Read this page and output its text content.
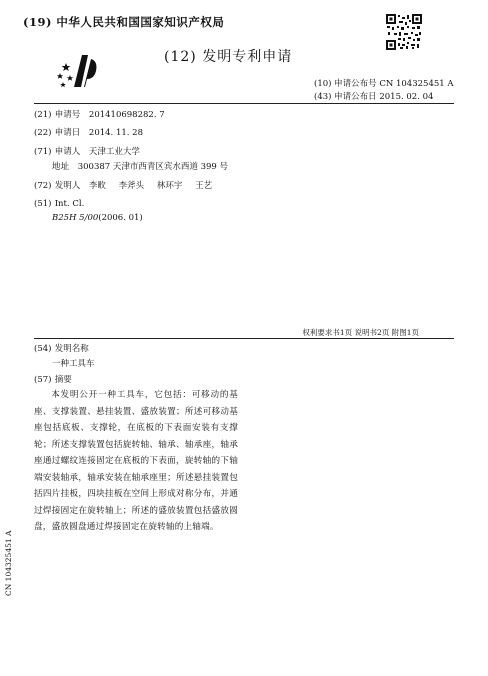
(19) 中华人民共和国国家知识产权局
(12) 发明专利申请
(10) 申请公布号 CN 104325451 A
(43) 申请公布日 2015. 02. 04
(21) 申请号 201410698282. 7
(22) 申请日 2014. 11. 28
(71) 申请人 天津工业大学
地址 300387 天津市西青区宾水西道 399 号
(72) 发明人 李畋 李斧头 林环宇 王艺
(51) Int. Cl.
B25H 5/00(2006. 01)
权利要求书1页 说明书2页 附图1页
(54) 发明名称
一种工具车
(57) 摘要
本发明公开一种工具车，它包括：可移动的基座、支撑装置、悬挂装置、盛放装置；所述可移动基座包括底板、支撑轮，在底板的下表面安装有支撑轮；所述支撑装置包括旋转轴、轴承、轴承座，轴承座通过螺纹连接固定在底板的下表面，旋转轴的下轴端安装轴承，轴承安装在轴承座里；所述悬挂装置包括四片挂板，四块挂板在空间上形成对称分布，并通过焊接固定在旋转轴上；所述的盛放装置包括盛放圆盘，盛放圆盘通过焊接固定在旋转轴的上轴端。
CN 104325451 A
